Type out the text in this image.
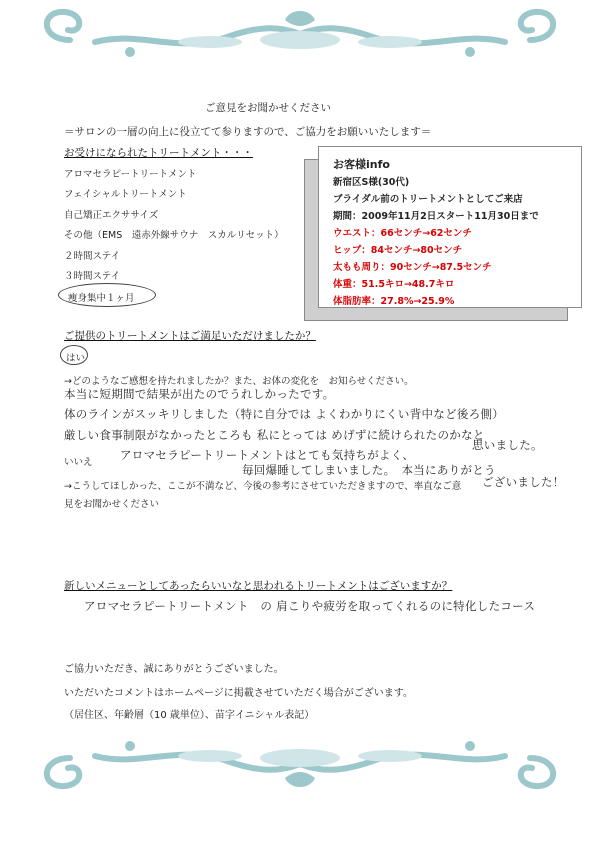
ご意見をお聞かせください
＝サロンの一層の向上に役立てて参りますので、ご協力をお願いいたします＝
お受けになられたトリートメント・・・
アロマセラピートリートメント
フェイシャルトリートメント
自己矯正エクササイズ
その他（EMS　遠赤外線サウナ　スカルリセット）
２時間ステイ
３時間ステイ
痩身集中１ヶ月
お客様info
新宿区S様(30代)
ブライダル前のトリートメントとしてご来店
期間：2009年11月2日スタート11月30日まで
ウエスト：66センチ→62センチ
ヒップ：84センチ→80センチ
太もも周り：90センチ→87.5センチ
体重：51.5キロ→48.7キロ
体脂肪率：27.8%→25.9%
ご提供のトリートメントはご満足いただけましたか？
はい
→どのようなご感想を持たれましたか？また、お体の変化を　お知らせください。
本当に短期間で結果が出たのでうれしかったです。
体のラインがスッキリしました（特に自分では よくわかりにくい背中など後ろ側）
厳しい食事制限がなかったところも 私にとっては めげずに続けられたのかなと
いいえ
アロマセラピートリートメントはとても気持ちがよく、
思いました。
毎回爆睡してしまいました。　本当にありがとう
→こうしてほしかった、ここが不満など、今後の参考にさせていただきますので、率直なご意 ございました！
見をお聞かせください
新しいメニューとしてあったらいいなと思われるトリートメントはございますか？
アロマセラピートリートメント　の 肩こりや疲労を取ってくれるのに特化したコース
ご協力いただき、誠にありがとうございました。
いただいたコメントはホームページに掲載させていただく場合がございます。
（居住区、年齢層（10 歳単位）、苗字イニシャル表記）
